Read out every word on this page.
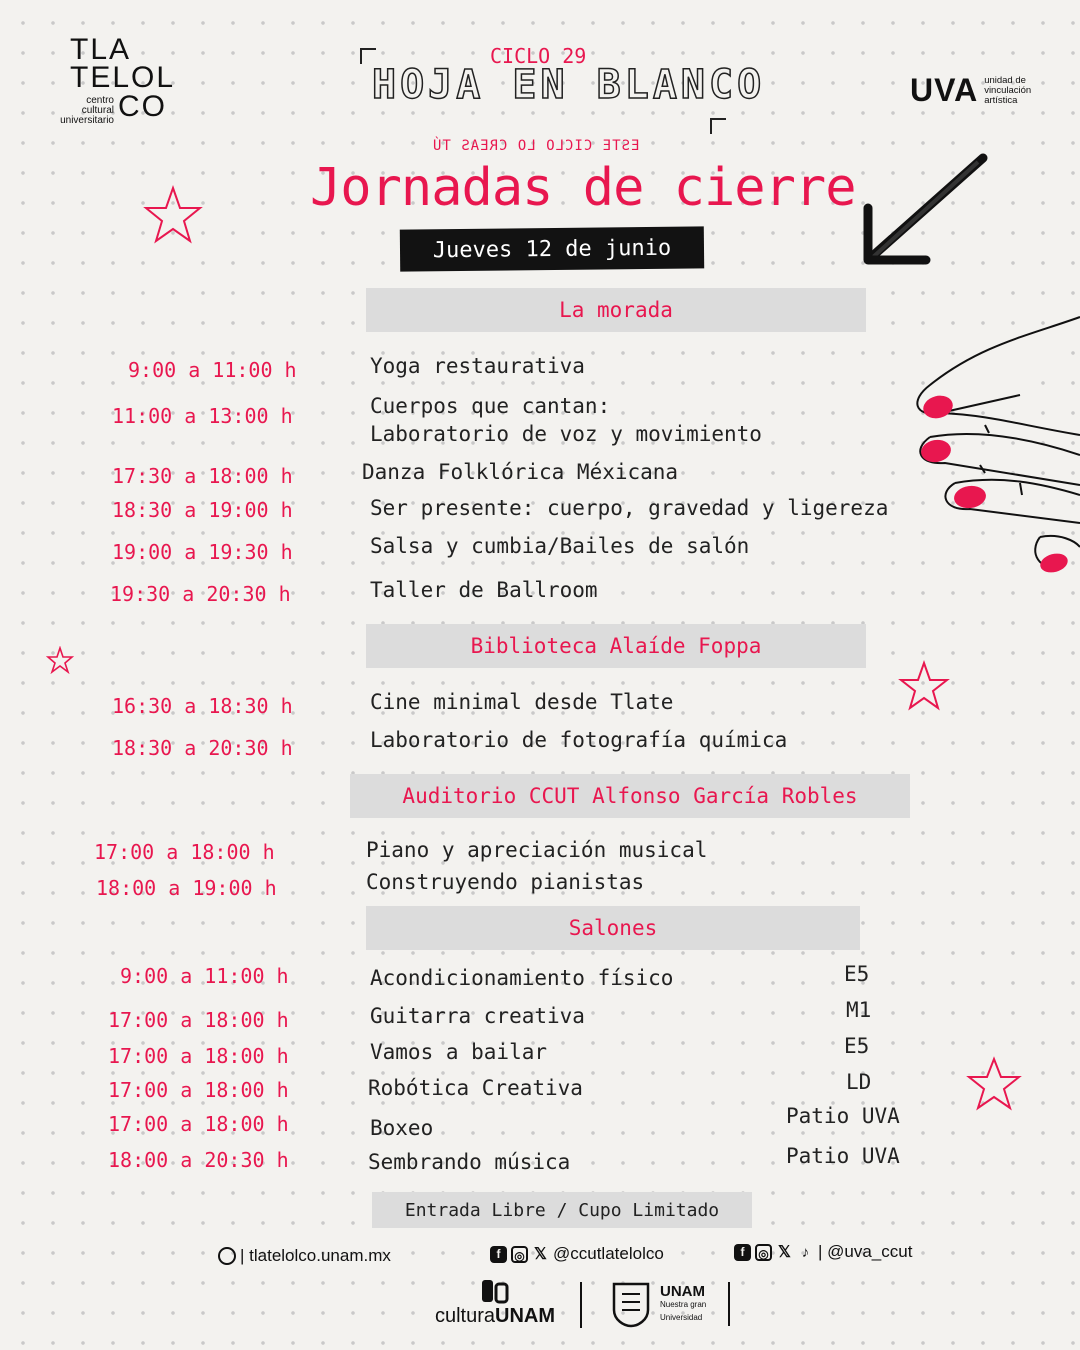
TLA
TELOL
centro
cultural
universitario CO
CICLO 29
HOJA EN BLANCO
ESTE CICLO LO CREAS TÚ
UVA unidad de
vinculación
artística
Jornadas de cierre
Jueves 12 de junio
La morada
9:00 a 11:00 h	Yoga restaurativa
11:00 a 13:00 h	Cuerpos que cantan:
Laboratorio de voz y movimiento
17:30 a 18:00 h	Danza Folklórica Méxicana
18:30 a 19:00 h	Ser presente: cuerpo, gravedad y ligereza
19:00 a 19:30 h	Salsa y cumbia/Bailes de salón
19:30 a 20:30 h	Taller de Ballroom
Biblioteca Alaíde Foppa
16:30 a 18:30 h	Cine minimal desde Tlate
18:30 a 20:30 h	Laboratorio de fotografía química
Auditorio CCUT Alfonso García Robles
17:00 a 18:00 h	Piano y apreciación musical
18:00 a 19:00 h	Construyendo pianistas
Salones
9:00 a 11:00 h	Acondicionamiento físico	E5
17:00 a 18:00 h	Guitarra creativa	M1
17:00 a 18:00 h	Vamos a bailar	E5
17:00 a 18:00 h	Robótica Creativa	LD
17:00 a 18:00 h	Boxeo	Patio UVA
18:00 a 20:30 h	Sembrando música	Patio UVA
Entrada Libre / Cupo Limitado
| tlatelolco.unam.mx	f	◎ 𝕏 @ccutlatelolco	f	◎ 𝕏 ♪ | @uva_ccut
culturaUNAM
UNAM
Nuestra gran Universidad
